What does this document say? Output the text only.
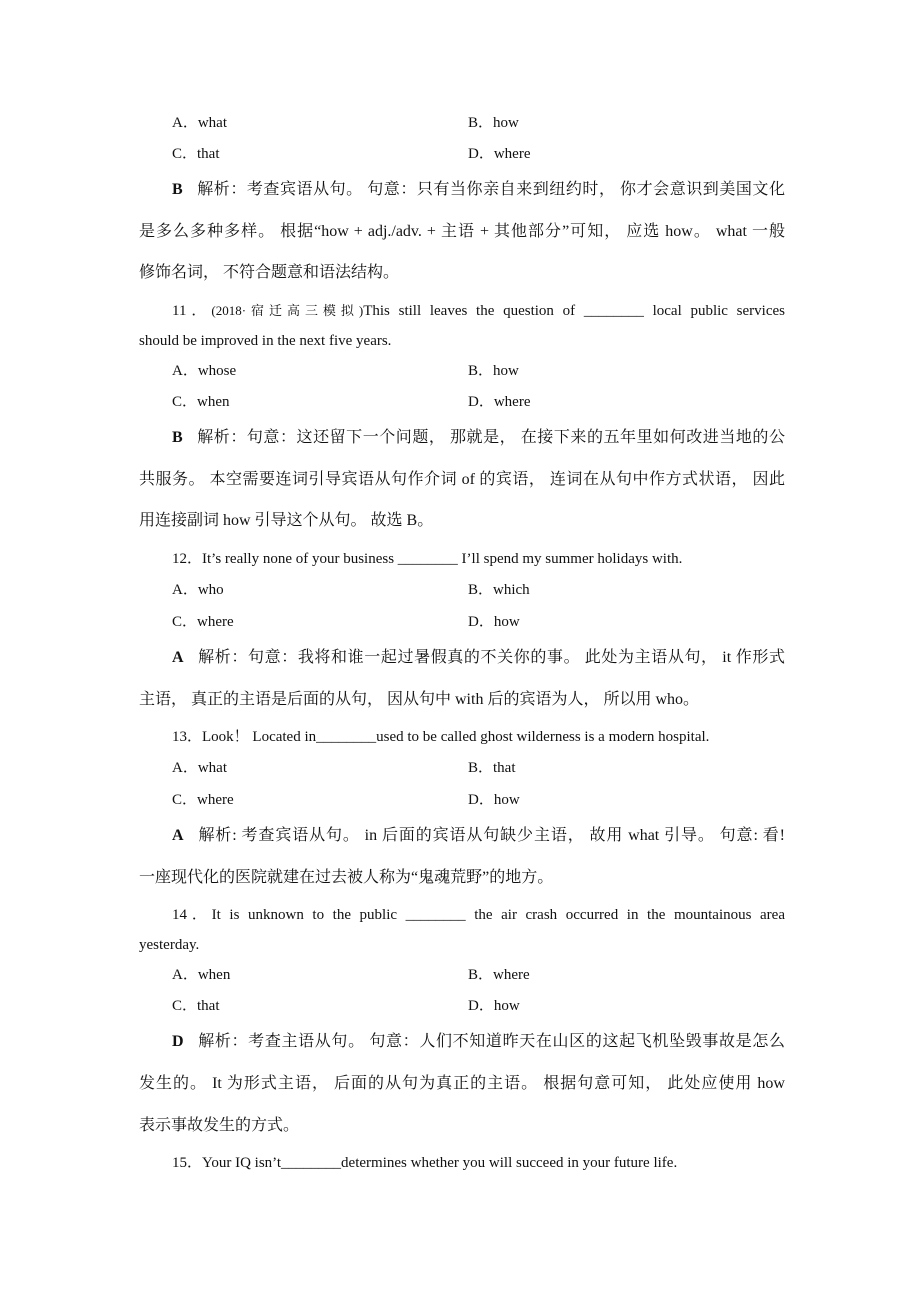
A．what	B．how
C．that	D．where
B 解析：考查宾语从句。 句意：只有当你亲自来到纽约时， 你才会意识到美国文化
是多么多种多样。 根据“how + adj./adv. + 主语 + 其他部分”可知， 应选 how。 what 一般
修饰名词， 不符合题意和语法结构。
11．(2018·宿迁高三模拟)This still leaves the question of ________ local public services
should be improved in the next five years.
A．whose	B．how
C．when	D．where
B 解析：句意：这还留下一个问题， 那就是， 在接下来的五年里如何改进当地的公
共服务。 本空需要连词引导宾语从句作介词 of 的宾语， 连词在从句中作方式状语， 因此
用连接副词 how 引导这个从句。 故选 B。
12．It’s really none of your business ________ I’ll spend my summer holidays with.
A．who	B．which
C．where	D．how
A 解析：句意：我将和谁一起过暑假真的不关你的事。 此处为主语从句， it 作形式
主语， 真正的主语是后面的从句， 因从句中 with 后的宾语为人， 所以用 who。
13．Look！ Located in________used to be called ghost wilderness is a modern hospital.
A．what	B．that
C．where	D．how
A 解析: 考查宾语从句。 in 后面的宾语从句缺少主语， 故用 what 引导。 句意: 看!
一座现代化的医院就建在过去被人称为“鬼魂荒野”的地方。
14．It is unknown to the public ________ the air crash occurred in the mountainous area
yesterday.
A．when	B．where
C．that	D．how
D 解析：考查主语从句。 句意：人们不知道昨天在山区的这起飞机坠毁事故是怎么
发生的。 It 为形式主语， 后面的从句为真正的主语。 根据句意可知， 此处应使用 how
表示事故发生的方式。
15．Your IQ isn’t________determines whether you will succeed in your future life.
